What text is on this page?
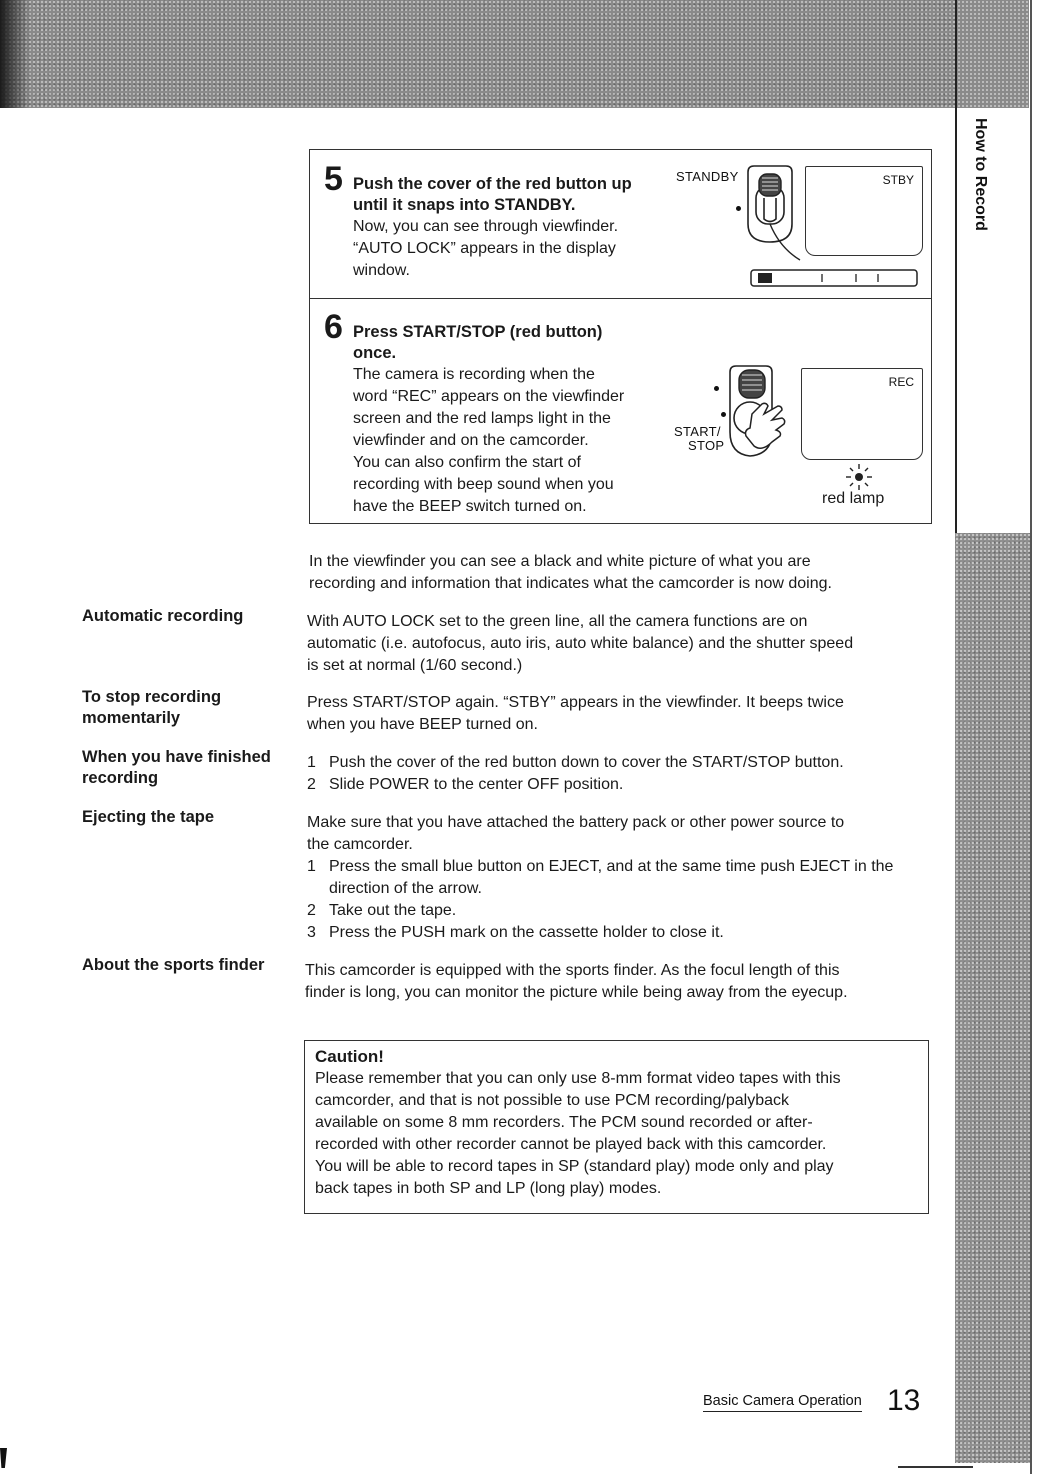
How to Record
5 Push the cover of the red button up
until it snaps into STANDBY.
Now, you can see through viewfinder.
“AUTO LOCK” appears in the display
window.
STANDBY	STBY
6 Press START/STOP (red button)
once.
The camera is recording when the
word “REC” appears on the viewfinder
screen and the red lamps light in the
viewfinder and on the camcorder.
You can also confirm the start of
recording with beep sound when you
have the BEEP switch turned on.
START/
STOP
REC
red lamp
In the viewfinder you can see a black and white picture of what you are
recording and information that indicates what the camcorder is now doing.
Automatic recording	With AUTO LOCK set to the green line, all the camera functions are on
automatic (i.e. autofocus, auto iris, auto white balance) and the shutter speed
is set at normal (1/60 second.)
To stop recording
momentarily
Press START/STOP again. “STBY” appears in the viewfinder. It beeps twice
when you have BEEP turned on.
When you have finished
recording
1 Push the cover of the red button down to cover the START/STOP button.
2 Slide POWER to the center OFF position.
Ejecting the tape	Make sure that you have attached the battery pack or other power source to
the camcorder.
1 Press the small blue button on EJECT, and at the same time push EJECT in the direction of the arrow.
2 Take out the tape.
3 Press the PUSH mark on the cassette holder to close it.
About the sports finder	This camcorder is equipped with the sports finder. As the focul length of this
finder is long, you can monitor the picture while being away from the eyecup.
Caution!
Please remember that you can only use 8-mm format video tapes with this
camcorder, and that is not possible to use PCM recording/palyback
available on some 8 mm recorders. The PCM sound recorded or after-
recorded with other recorder cannot be played back with this camcorder.
You will be able to record tapes in SP (standard play) mode only and play
back tapes in both SP and LP (long play) modes.
Basic Camera Operation 13
